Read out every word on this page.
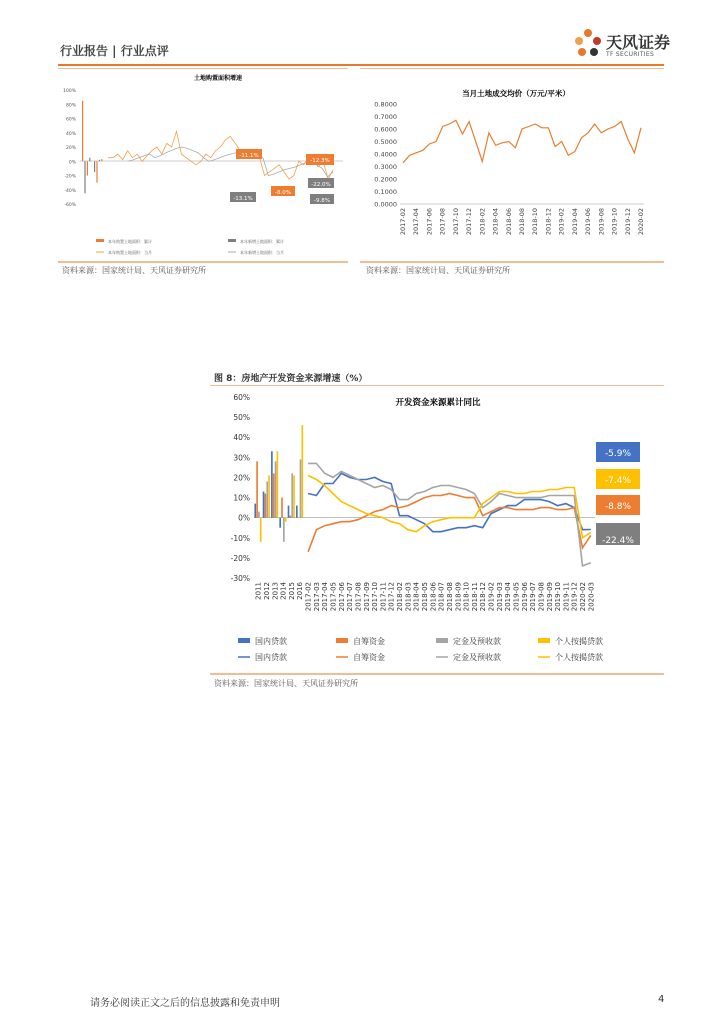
行业报告 | 行业点评	天风证券
TF SECURITIES
土地购置面积增速
100%
80%
60%
40%
20%
0%
-20%
-40%
-60%
-11.1%
-13.1%
-12.3%
-8.0%
-22.0%
-9.8%
本年购置土地面积：累计	本年新增土地面积：累计
本年购置土地面积：当月	本年新增土地面积：当月
资料来源：国家统计局、天风证券研究所
当月土地成交均价（万元/平米）
0.8000
0.7000
0.6000
0.5000
0.4000
0.3000
0.2000
0.1000
0.0000
2017-02 2017-04 2017-06 2017-08 2017-10 2017-12 2018-02 2018-04 2018-06 2018-08 2018-10 2018-12 2019-02 2019-04 2019-06 2019-08 2019-10 2019-12 2020-02
资料来源：国家统计局、天风证券研究所
图 8：房地产开发资金来源增速（%）
开发资金来源累计同比
60%
50%
40%
30%
20%
10%
0%
-10%
-20%
-30%
2011 2012 2013 2014 2015 2016 2017-02 2017-03 2017-04 2017-05 2017-06 2017-07 2017-08 2017-09 2017-10 2017-11 2017-12 2018-02 2018-03 2018-04 2018-05 2018-06 2018-07 2018-08 2018-09 2018-10 2018-11 2018-12 2019-02 2019-03 2019-04 2019-05 2019-06 2019-07 2019-08 2019-09 2019-10 2019-11 2019-12 2020-02 2020-03
-5.9%
-7.4%
-8.8%
-22.4%
国内贷款	自筹资金	定金及预收款	个人按揭贷款
国内贷款	自筹资金	定金及预收款	个人按揭贷款
资料来源：国家统计局、天风证券研究所
请务必阅读正文之后的信息披露和免责申明	4
